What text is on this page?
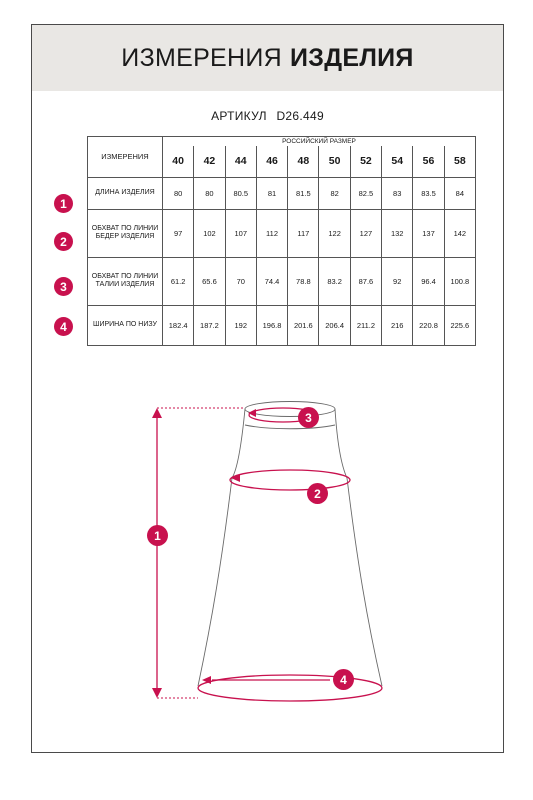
ИЗМЕРЕНИЯ ИЗДЕЛИЯ
АРТИКУЛ D26.449
1
2
3
4
ИЗМЕРЕНИЯ	РОССИЙСКИЙ РАЗМЕР									
	40	42	44	46	48	50	52	54	56	58
ДЛИНА ИЗДЕЛИЯ	80	80	80.5	81	81.5	82	82.5	83	83.5	84
ОБХВАТ ПО ЛИНИИ БЕДЕР ИЗДЕЛИЯ	97	102	107	112	117	122	127	132	137	142
ОБХВАТ ПО ЛИНИИ ТАЛИИ ИЗДЕЛИЯ	61.2	65.6	70	74.4	78.8	83.2	87.6	92	96.4	100.8
ШИРИНА ПО НИЗУ	182.4	187.2	192	196.8	201.6	206.4	211.2	216	220.8	225.6
1
2
3
4
